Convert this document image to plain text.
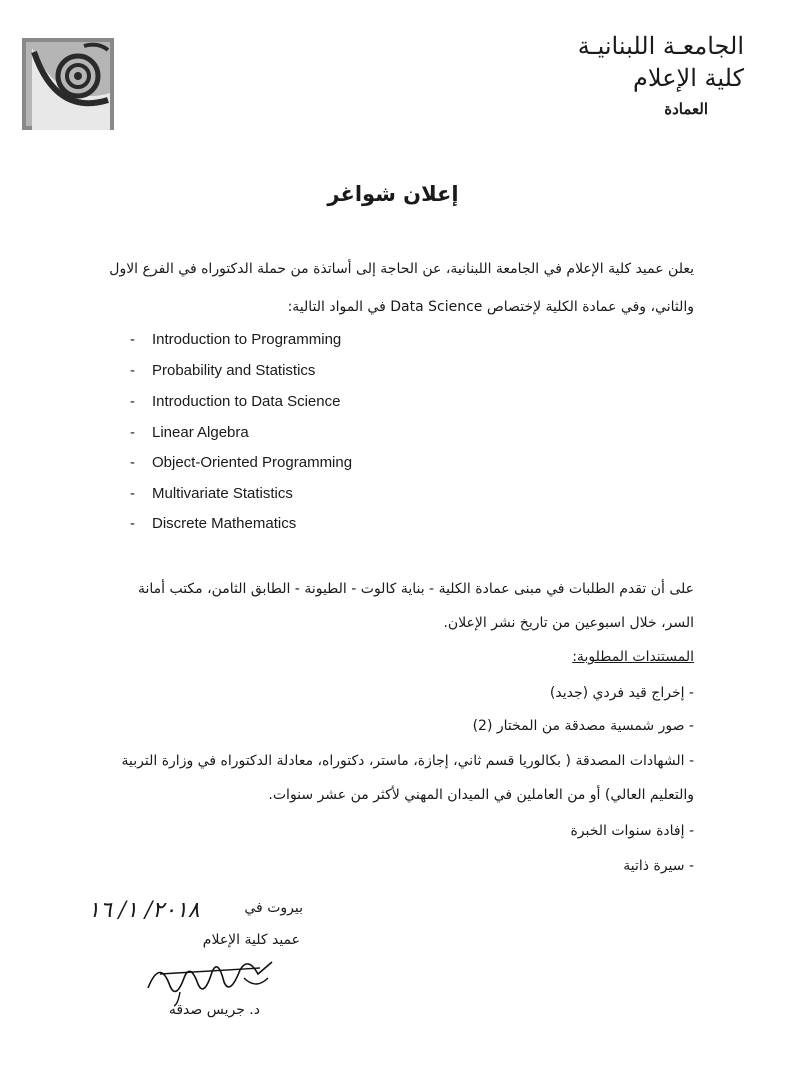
الجامعـة اللبنانيـة
كلية الإعلام
العمادة
إعلان شواغر
يعلن عميد كلية الإعلام في الجامعة اللبنانية، عن الحاجة إلى أساتذة من حملة الدكتوراه في الفرع الاول
والثاني، وفي عمادة الكلية لإختصاص Data Science في المواد التالية:
- Introduction to Programming
- Probability and Statistics
- Introduction to Data Science
- Linear Algebra
- Object-Oriented Programming
- Multivariate Statistics
- Discrete Mathematics
على أن تقدم الطلبات في مبنى عمادة الكلية - بناية كالوت - الطيونة - الطابق الثامن، مكتب أمانة
السر، خلال اسبوعين من تاريخ نشر الإعلان.
المستندات المطلوبة:
- إخراج قيد فردي (جديد)
- صور شمسية مصدقة من المختار (2)
- الشهادات المصدقة ( بكالوريا قسم ثاني، إجازة، ماستر، دكتوراه، معادلة الدكتوراه في وزارة التربية
والتعليم العالي) أو من العاملين في الميدان المهني لأكثر من عشر سنوات.
- إفادة سنوات الخبرة
- سيرة ذاتية
بيروت في
٢٠١٨/ ١/ ١٦
عميد كلية الإعلام
د. جريس صدقه
